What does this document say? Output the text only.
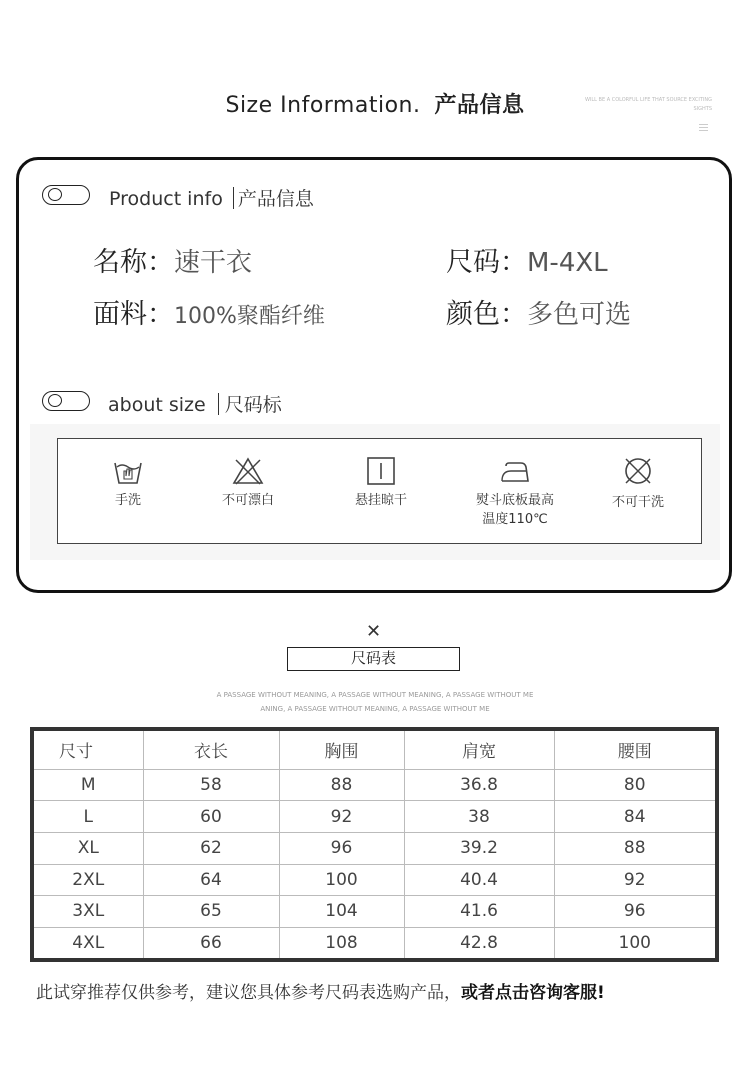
Size Information. 产品信息	WILL BE A COLORFUL LIFE THAT SOURCE EXCITING SIGHTS
Product info 产品信息
名称：速干衣	尺码：M-4XL
面料：100%聚酯纤维	颜色：多色可选
about size 尺码标
手洗	不可漂白	悬挂晾干	熨斗底板最高
温度110℃
不可干洗
✕
尺码表
A PASSAGE WITHOUT MEANING, A PASSAGE WITHOUT MEANING, A PASSAGE WITHOUT ME
ANING, A PASSAGE WITHOUT MEANING, A PASSAGE WITHOUT ME
尺寸	衣长	胸围	肩宽	腰围
M	58	88	36.8	80
L	60	92	38	84
XL	62	96	39.2	88
2XL	64	100	40.4	92
3XL	65	104	41.6	96
4XL	66	108	42.8	100
此试穿推荐仅供参考，建议您具体参考尺码表选购产品，或者点击咨询客服!
